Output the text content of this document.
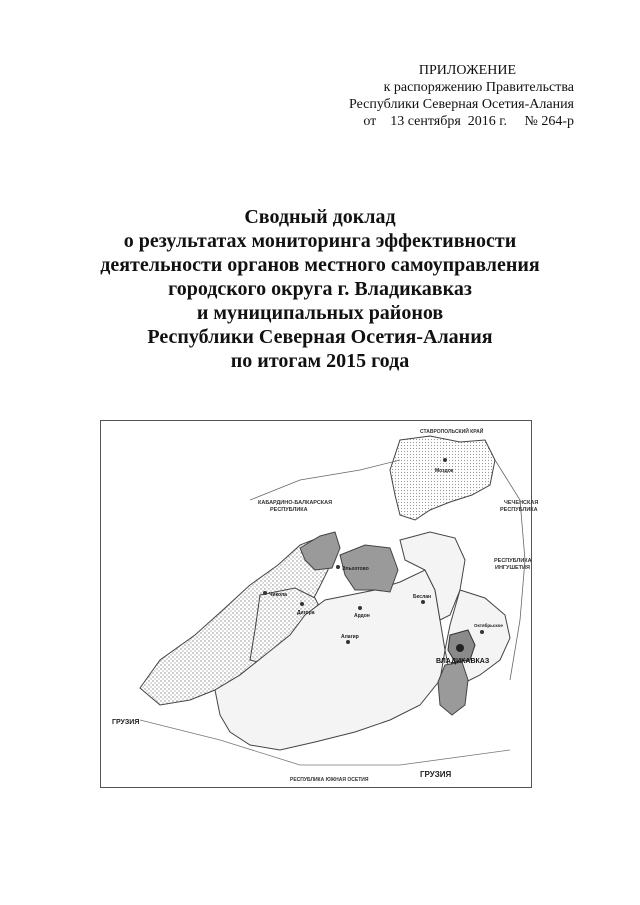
ПРИЛОЖЕНИЕ
к распоряжению Правительства
Республики Северная Осетия-Алания
от    13 сентября  2016 г.     № 264-р
Сводный доклад
о результатах мониторинга эффективности
деятельности органов местного самоуправления
городского округа г. Владикавказ
и муниципальных районов
Республики Северная Осетия-Алания
по итогам 2015 года
СТАВРОПОЛЬСКИЙ КРАЙ
КАБАРДИНО-БАЛКАРСКАЯ
РЕСПУБЛИКА
ЧЕЧЕНСКАЯ
РЕСПУБЛИКА
РЕСПУБЛИКА
ИНГУШЕТИЯ
ГРУЗИЯ
ГРУЗИЯ
РЕСПУБЛИКА ЮЖНАЯ ОСЕТИЯ
Моздок
Эльхотово
Чикола
Дигора	Ардон
Беслан
Алагир
Октябрьское
ВЛАДИКАВКАЗ
